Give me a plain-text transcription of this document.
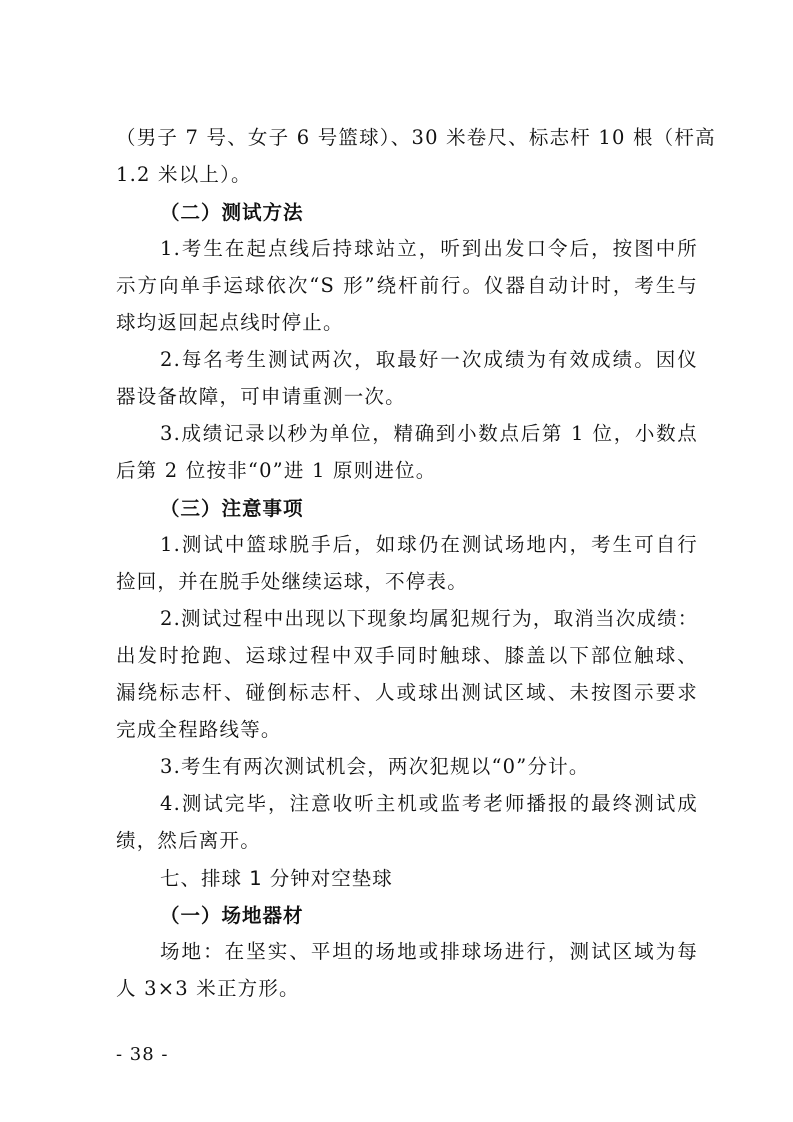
（男子 7 号、女子 6 号篮球）、30 米卷尺、标志杆 10 根（杆高
1.2 米以上）。
（二）测试方法
1.考生在起点线后持球站立，听到出发口令后，按图中所
示方向单手运球依次“S 形”绕杆前行。仪器自动计时，考生与
球均返回起点线时停止。
2.每名考生测试两次，取最好一次成绩为有效成绩。因仪
器设备故障，可申请重测一次。
3.成绩记录以秒为单位，精确到小数点后第 1 位，小数点
后第 2 位按非“0”进 1 原则进位。
（三）注意事项
1.测试中篮球脱手后，如球仍在测试场地内，考生可自行
捡回，并在脱手处继续运球，不停表。
2.测试过程中出现以下现象均属犯规行为，取消当次成绩：
出发时抢跑、运球过程中双手同时触球、膝盖以下部位触球、
漏绕标志杆、碰倒标志杆、人或球出测试区域、未按图示要求
完成全程路线等。
3.考生有两次测试机会，两次犯规以“0”分计。
4.测试完毕，注意收听主机或监考老师播报的最终测试成
绩，然后离开。
七、排球 1 分钟对空垫球
（一）场地器材
场地：在坚实、平坦的场地或排球场进行，测试区域为每
人 3×3 米正方形。
- 38 -
